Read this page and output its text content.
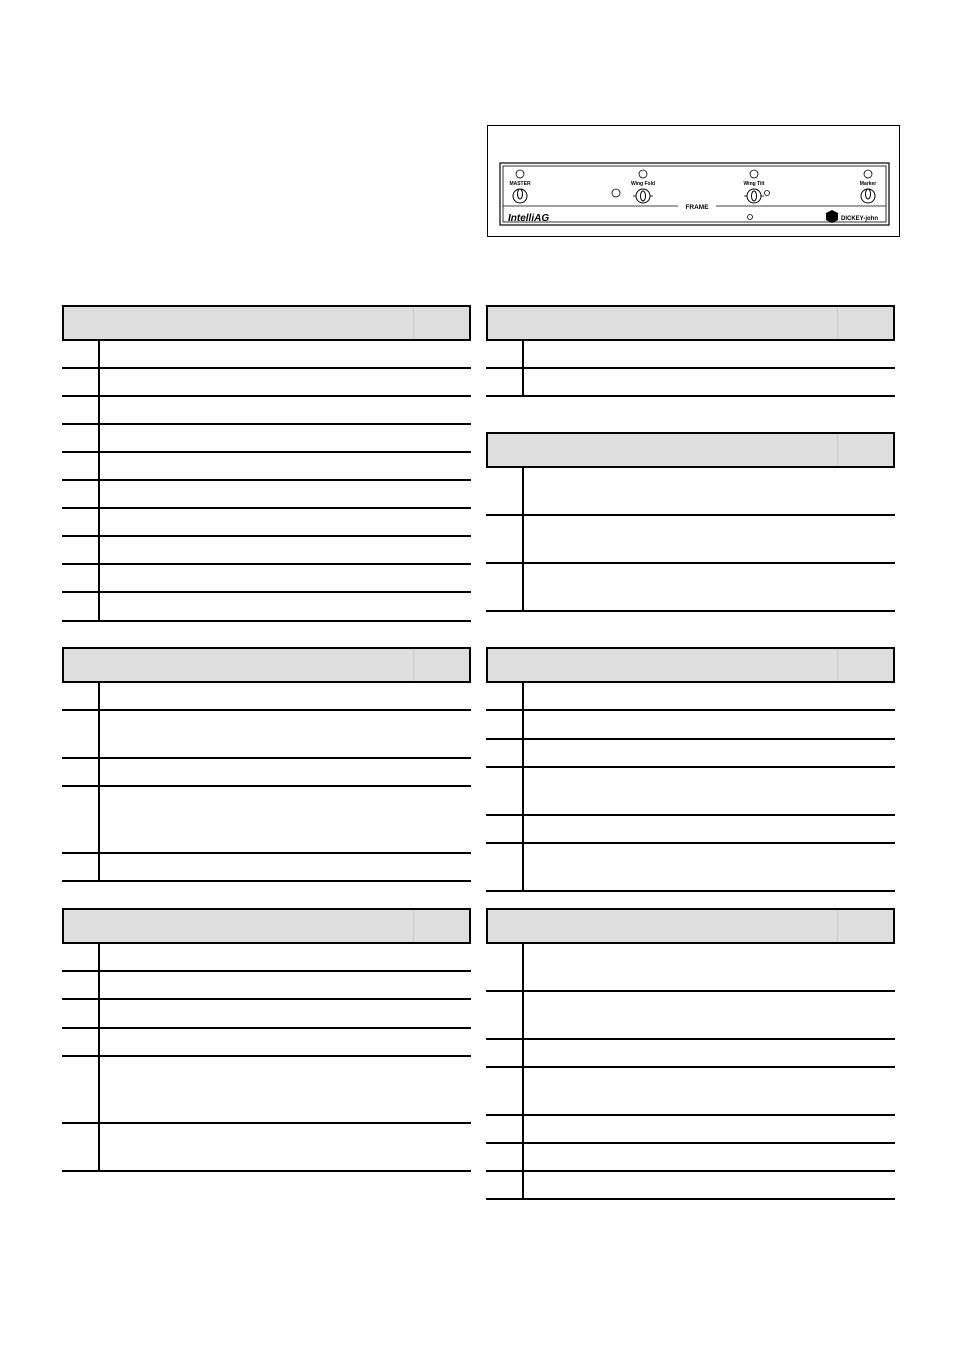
MASTER	Wing Fold	Wing Tilt	Marker
FRAME
IntelliAG	DICKEY-john
